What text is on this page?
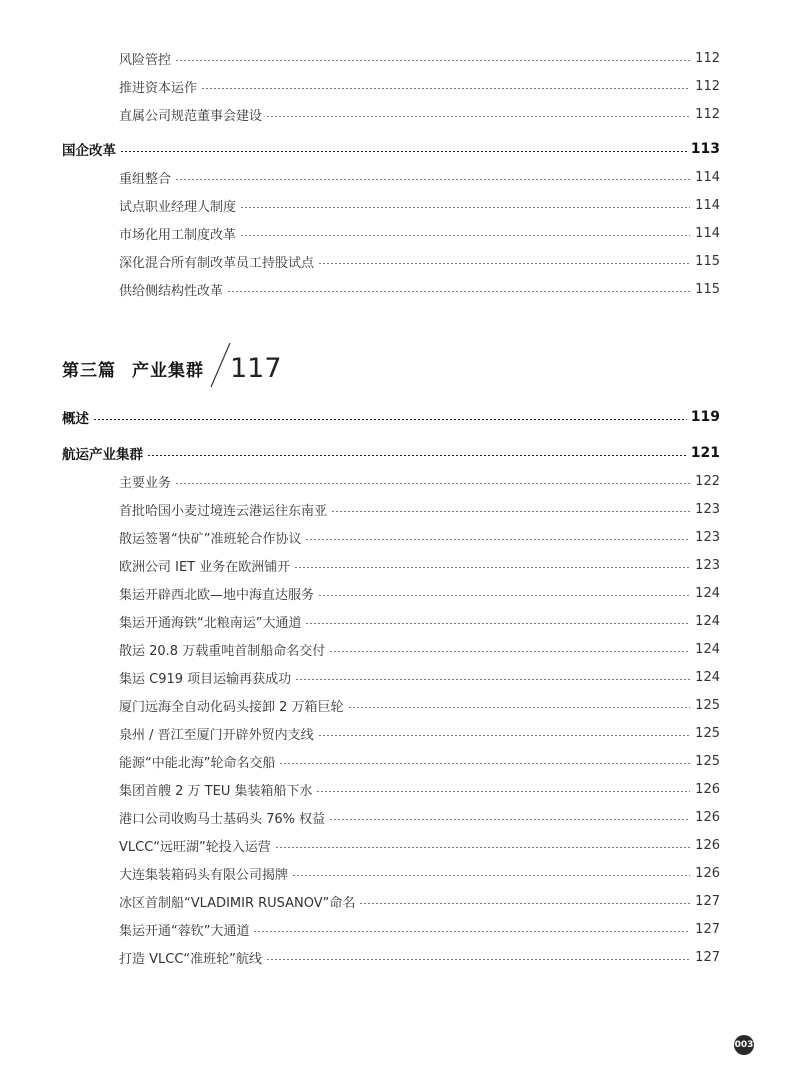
风险管控	112
推进资本运作	112
直属公司规范董事会建设	112
国企改革	113
重组整合	114
试点职业经理人制度	114
市场化用工制度改革	114
深化混合所有制改革员工持股试点	115
供给侧结构性改革	115
第三篇 产业集群 117
概述	119
航运产业集群	121
主要业务	122
首批哈国小麦过境连云港运往东南亚	123
散运签署“快矿”准班轮合作协议	123
欧洲公司 IET 业务在欧洲铺开	123
集运开辟西北欧—地中海直达服务	124
集运开通海铁“北粮南运”大通道	124
散运 20.8 万载重吨首制船命名交付	124
集运 C919 项目运输再获成功	124
厦门远海全自动化码头接卸 2 万箱巨轮	125
泉州 / 晋江至厦门开辟外贸内支线	125
能源“中能北海”轮命名交船	125
集团首艘 2 万 TEU 集装箱船下水	126
港口公司收购马士基码头 76% 权益	126
VLCC“远旺湖”轮投入运营	126
大连集装箱码头有限公司揭牌	126
冰区首制船“VLADIMIR RUSANOV”命名	127
集运开通“蓉钦”大通道	127
打造 VLCC“准班轮”航线	127
003
